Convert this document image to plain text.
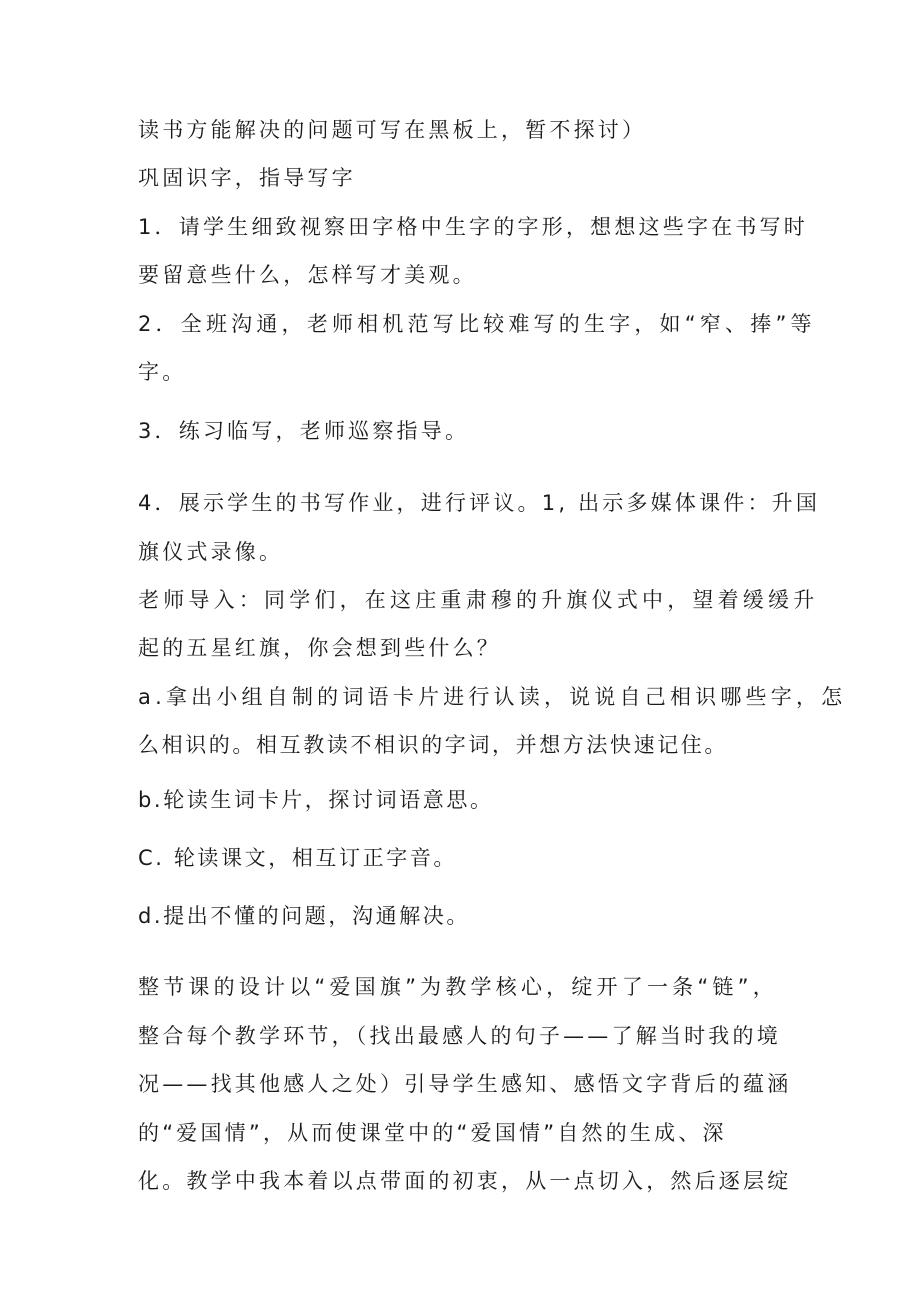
读书方能解决的问题可写在黑板上，暂不探讨）
巩固识字，指导写字
1．请学生细致视察田字格中生字的字形，想想这些字在书写时
要留意些什么，怎样写才美观。
2．全班沟通，老师相机范写比较难写的生字，如“窄、捧”等
字。
3．练习临写，老师巡察指导。
4．展示学生的书写作业，进行评议。1, 出示多媒体课件：升国
旗仪式录像。
老师导入：同学们，在这庄重肃穆的升旗仪式中，望着缓缓升
起的五星红旗，你会想到些什么？
a.拿出小组自制的词语卡片进行认读，说说自己相识哪些字，怎
么相识的。相互教读不相识的字词，并想方法快速记住。
b.轮读生词卡片，探讨词语意思。
C. 轮读课文，相互订正字音。
d.提出不懂的问题，沟通解决。
整节课的设计以“爱国旗”为教学核心，绽开了一条“链”，
整合每个教学环节，（找出最感人的句子——了解当时我的境
况——找其他感人之处）引导学生感知、感悟文字背后的蕴涵
的“爱国情”，从而使课堂中的“爱国情”自然的生成、深
化。教学中我本着以点带面的初衷，从一点切入，然后逐层绽
